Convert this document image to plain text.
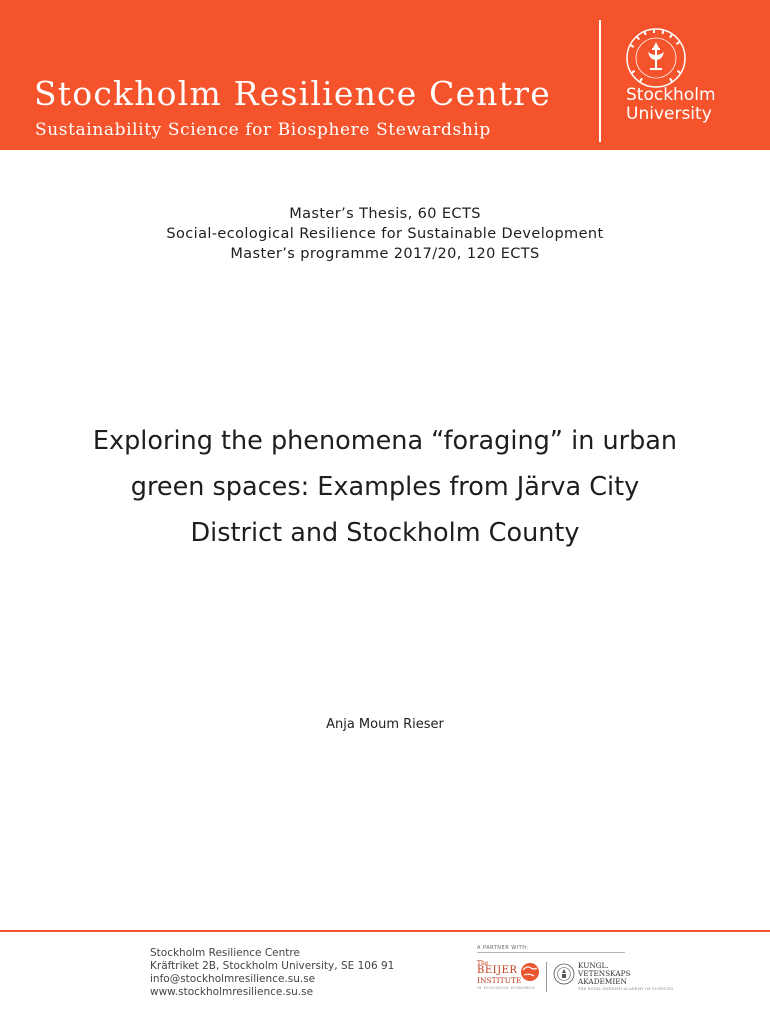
Stockholm Resilience Centre
Sustainability Science for Biosphere Stewardship
Stockholm
University
Master’s Thesis, 60 ECTS
Social-ecological Resilience for Sustainable Development
Master’s programme 2017/20, 120 ECTS
Exploring the phenomena “foraging” in urban green spaces: Examples from Järva City District and Stockholm County
Anja Moum Rieser
Stockholm Resilience Centre
Kräftriket 2B, Stockholm University, SE 106 91
info@stockholmresilience.su.se
www.stockholmresilience.su.se
A PARTNER WITH:
The
BEIJER
INSTITUTE
OF ECOLOGICAL ECONOMICS
KUNGL.
VETENSKAPS
AKADEMIEN
THE ROYAL SWEDISH ACADEMY OF SCIENCES
